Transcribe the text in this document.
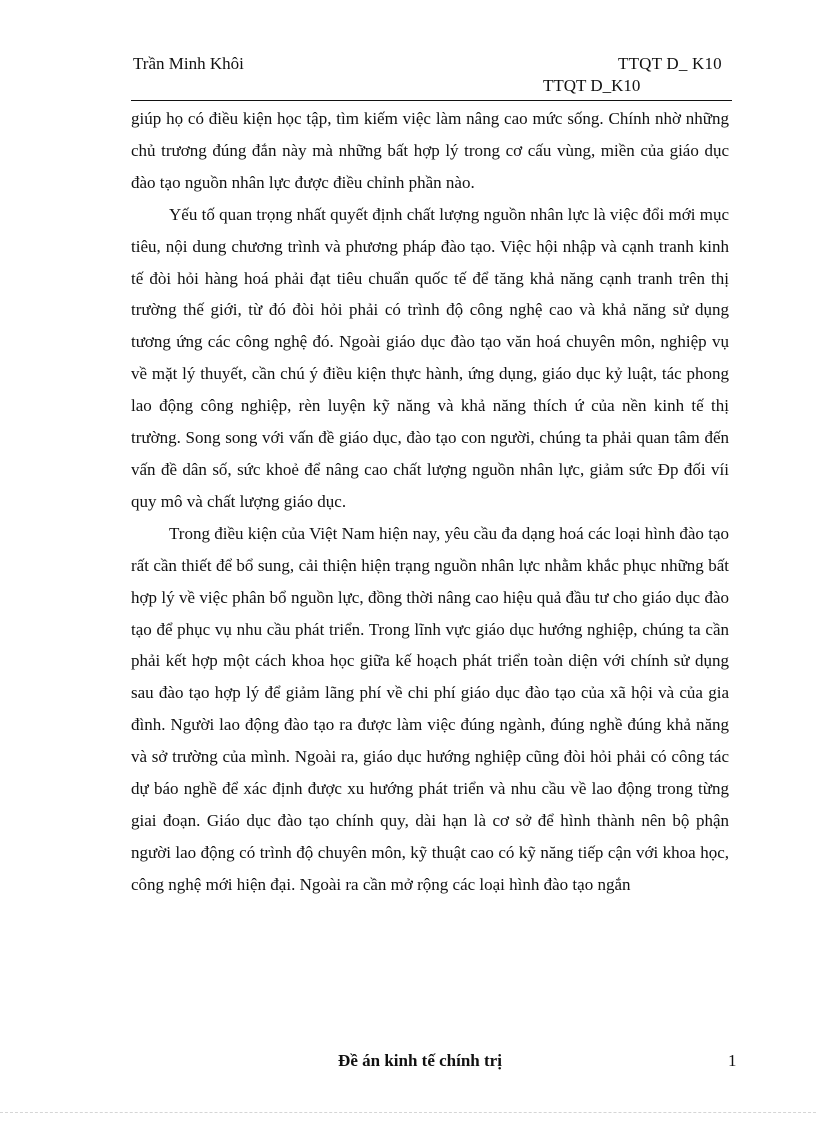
Trần Minh Khôi	TTQT D_ K10
TTQT D_K10

giúp họ có điều kiện học tập, tìm kiếm việc làm nâng cao mức sống. Chính nhờ những chủ trương đúng đắn này mà những bất hợp lý trong cơ cấu vùng, miền của giáo dục đào tạo nguồn nhân lực được điều chỉnh phần nào.

Yếu tố quan trọng nhất quyết định chất lượng nguồn nhân lực là việc đổi mới mục tiêu, nội dung chương trình và phương pháp đào tạo. Việc hội nhập và cạnh tranh kinh tế đòi hỏi hàng hoá phải đạt tiêu chuẩn quốc tế để tăng khả năng cạnh tranh trên thị trường thế giới, từ đó đòi hỏi phải có trình độ công nghệ cao và khả năng sử dụng tương ứng các công nghệ đó. Ngoài giáo dục đào tạo văn hoá chuyên môn, nghiệp vụ về mặt lý thuyết, cần chú ý điều kiện thực hành, ứng dụng, giáo dục kỷ luật, tác phong lao động công nghiệp, rèn luyện kỹ năng và khả năng thích ứ của nền kinh tế thị trường. Song song với vấn đề giáo dục, đào tạo con người, chúng ta phải quan tâm đến vấn đề dân số, sức khoẻ để nâng cao chất lượng nguồn nhân lực, giảm sức Ðp đối víi quy mô và chất lượng giáo dục.

Trong điều kiện của Việt Nam hiện nay, yêu cầu đa dạng hoá các loại hình đào tạo rất cần thiết để bổ sung, cải thiện hiện trạng nguồn nhân lực nhằm khắc phục những bất hợp lý về việc phân bổ nguồn lực, đồng thời nâng cao hiệu quả đầu tư cho giáo dục đào tạo để phục vụ nhu cầu phát triển. Trong lĩnh vực giáo dục hướng nghiệp, chúng ta cần phải kết hợp một cách khoa học giữa kế hoạch phát triển toàn diện với chính sử dụng sau đào tạo hợp lý để giảm lãng phí về chi phí giáo dục đào tạo của xã hội và của gia đình. Người lao động đào tạo ra được làm việc đúng ngành, đúng nghề đúng khả năng và sở trường của mình. Ngoài ra, giáo dục hướng nghiệp cũng đòi hỏi phải có công tác dự báo nghề để xác định được xu hướng phát triển và nhu cầu về lao động trong từng giai đoạn. Giáo dục đào tạo chính quy, dài hạn là cơ sở để hình thành nên bộ phận người lao động có trình độ chuyên môn, kỹ thuật cao có kỹ năng tiếp cận với khoa học, công nghệ mới hiện đại. Ngoài ra cần mở rộng các loại hình đào tạo ngắn

Đề án kinh tế chính trị	1
